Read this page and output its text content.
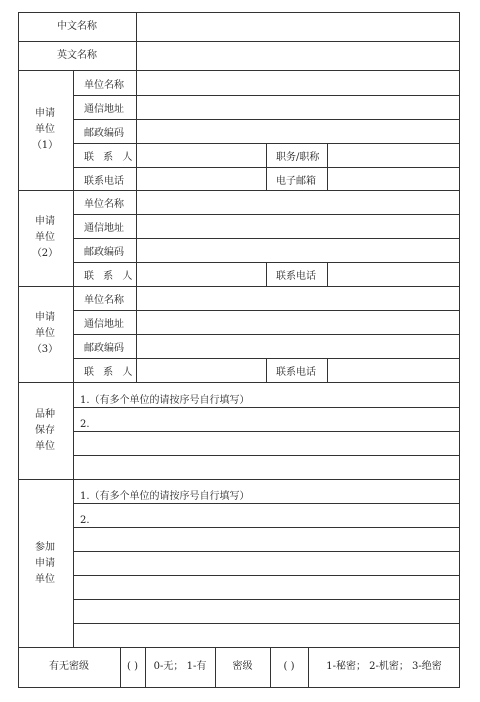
中文名称
英文名称
申请
单位
（1）
单位名称
通信地址
邮政编码
联 系 人	职务/职称
联系电话	电子邮箱
申请
单位
（2）
单位名称
通信地址
邮政编码
联 系 人	联系电话
申请
单位
（3）
单位名称
通信地址
邮政编码
联 系 人	联系电话
品种
保存
单位
1.（有多个单位的请按序号自行填写）
2.
参加
申请
单位
1.（有多个单位的请按序号自行填写）
2.
有无密级	( )	0-无； 1-有	密级	( )	1-秘密； 2-机密； 3-绝密
